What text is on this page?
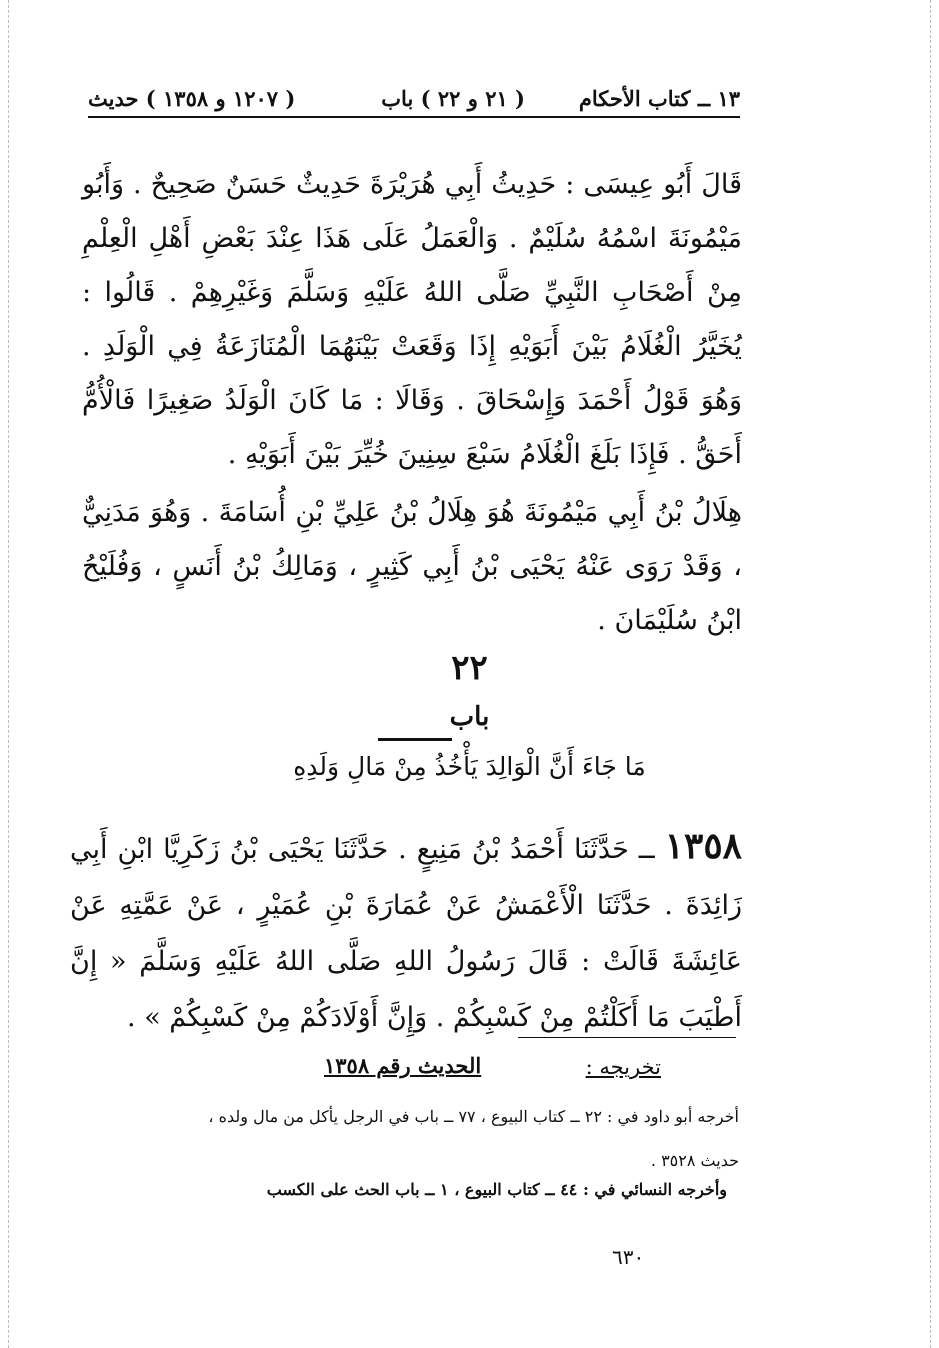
١٣ ــ كتاب الأحكام
( ٢١ و ٢٢ ) باب
( ١٢٠٧ و ١٣٥٨ ) حديث
قَالَ أَبُو عِيسَى : حَدِيثُ أَبِي هُرَيْرَةَ حَدِيثٌ حَسَنٌ صَحِيحٌ . وَأَبُو مَيْمُونَةَ اسْمُهُ سُلَيْمٌ . وَالْعَمَلُ عَلَى هَذَا عِنْدَ بَعْضِ أَهْلِ الْعِلْمِ مِنْ أَصْحَابِ النَّبِيِّ صَلَّى اللهُ عَلَيْهِ وَسَلَّمَ وَغَيْرِهِمْ . قَالُوا : يُخَيَّرُ الْغُلَامُ بَيْنَ أَبَوَيْهِ إِذَا وَقَعَتْ بَيْنَهُمَا الْمُنَازَعَةُ فِي الْوَلَدِ . وَهُوَ قَوْلُ أَحْمَدَ وَإِسْحَاقَ . وَقَالَا : مَا كَانَ الْوَلَدُ صَغِيرًا فَالْأُمُّ أَحَقُّ . فَإِذَا بَلَغَ الْغُلَامُ سَبْعَ سِنِينَ خُيِّرَ بَيْنَ أَبَوَيْهِ .
هِلَالُ بْنُ أَبِي مَيْمُونَةَ هُوَ هِلَالُ بْنُ عَلِيِّ بْنِ أُسَامَةَ . وَهُوَ مَدَنِيٌّ ، وَقَدْ رَوَى عَنْهُ يَحْيَى بْنُ أَبِي كَثِيرٍ ، وَمَالِكُ بْنُ أَنَسٍ ، وَفُلَيْحُ ابْنُ سُلَيْمَانَ .
٢٢
باب
مَا جَاءَ أَنَّ الْوَالِدَ يَأْخُذُ مِنْ مَالِ وَلَدِهِ
١٣٥٨ ــ حَدَّثَنَا أَحْمَدُ بْنُ مَنِيعٍ . حَدَّثَنَا يَحْيَى بْنُ زَكَرِيَّا ابْنِ أَبِي زَائِدَةَ . حَدَّثَنَا الْأَعْمَشُ عَنْ عُمَارَةَ بْنِ عُمَيْرٍ ، عَنْ عَمَّتِهِ عَنْ عَائِشَةَ قَالَتْ : قَالَ رَسُولُ اللهِ صَلَّى اللهُ عَلَيْهِ وَسَلَّمَ « إِنَّ أَطْيَبَ مَا أَكَلْتُمْ مِنْ كَسْبِكُمْ . وَإِنَّ أَوْلَادَكُمْ مِنْ كَسْبِكُمْ » .
تخريجه :
الحديث رقم ١٣٥٨
أخرجه أبو داود في : ٢٢ ــ كتاب البيوع ، ٧٧ ــ باب في الرجل يأكل من مال ولده ،
حديث ٣٥٢٨ .
وأخرجه النسائي في : ٤٤ ــ كتاب البيوع ، ١ ــ باب الحث على الكسب
٦٣٠
